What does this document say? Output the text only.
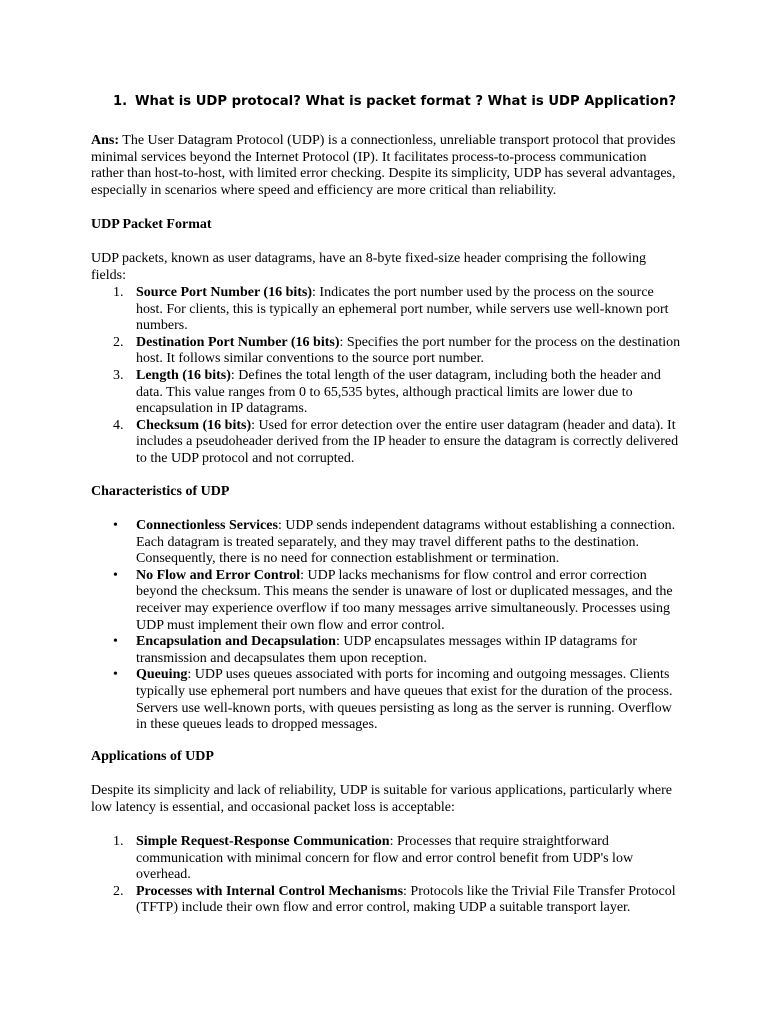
1. What is UDP protocal? What is packet format ? What is UDP Application?

Ans: The User Datagram Protocol (UDP) is a connectionless, unreliable transport protocol that provides minimal services beyond the Internet Protocol (IP). It facilitates process-to-process communication rather than host-to-host, with limited error checking. Despite its simplicity, UDP has several advantages, especially in scenarios where speed and efficiency are more critical than reliability.

UDP Packet Format

UDP packets, known as user datagrams, have an 8-byte fixed-size header comprising the following fields:

1. Source Port Number (16 bits): Indicates the port number used by the process on the source host. For clients, this is typically an ephemeral port number, while servers use well-known port numbers.
2. Destination Port Number (16 bits): Specifies the port number for the process on the destination host. It follows similar conventions to the source port number.
3. Length (16 bits): Defines the total length of the user datagram, including both the header and data. This value ranges from 0 to 65,535 bytes, although practical limits are lower due to encapsulation in IP datagrams.
4. Checksum (16 bits): Used for error detection over the entire user datagram (header and data). It includes a pseudoheader derived from the IP header to ensure the datagram is correctly delivered to the UDP protocol and not corrupted.

Characteristics of UDP

• Connectionless Services: UDP sends independent datagrams without establishing a connection. Each datagram is treated separately, and they may travel different paths to the destination. Consequently, there is no need for connection establishment or termination.
• No Flow and Error Control: UDP lacks mechanisms for flow control and error correction beyond the checksum. This means the sender is unaware of lost or duplicated messages, and the receiver may experience overflow if too many messages arrive simultaneously. Processes using UDP must implement their own flow and error control.
• Encapsulation and Decapsulation: UDP encapsulates messages within IP datagrams for transmission and decapsulates them upon reception.
• Queuing: UDP uses queues associated with ports for incoming and outgoing messages. Clients typically use ephemeral port numbers and have queues that exist for the duration of the process. Servers use well-known ports, with queues persisting as long as the server is running. Overflow in these queues leads to dropped messages.

Applications of UDP

Despite its simplicity and lack of reliability, UDP is suitable for various applications, particularly where low latency is essential, and occasional packet loss is acceptable:

1. Simple Request-Response Communication: Processes that require straightforward communication with minimal concern for flow and error control benefit from UDP's low overhead.
2. Processes with Internal Control Mechanisms: Protocols like the Trivial File Transfer Protocol (TFTP) include their own flow and error control, making UDP a suitable transport layer.
